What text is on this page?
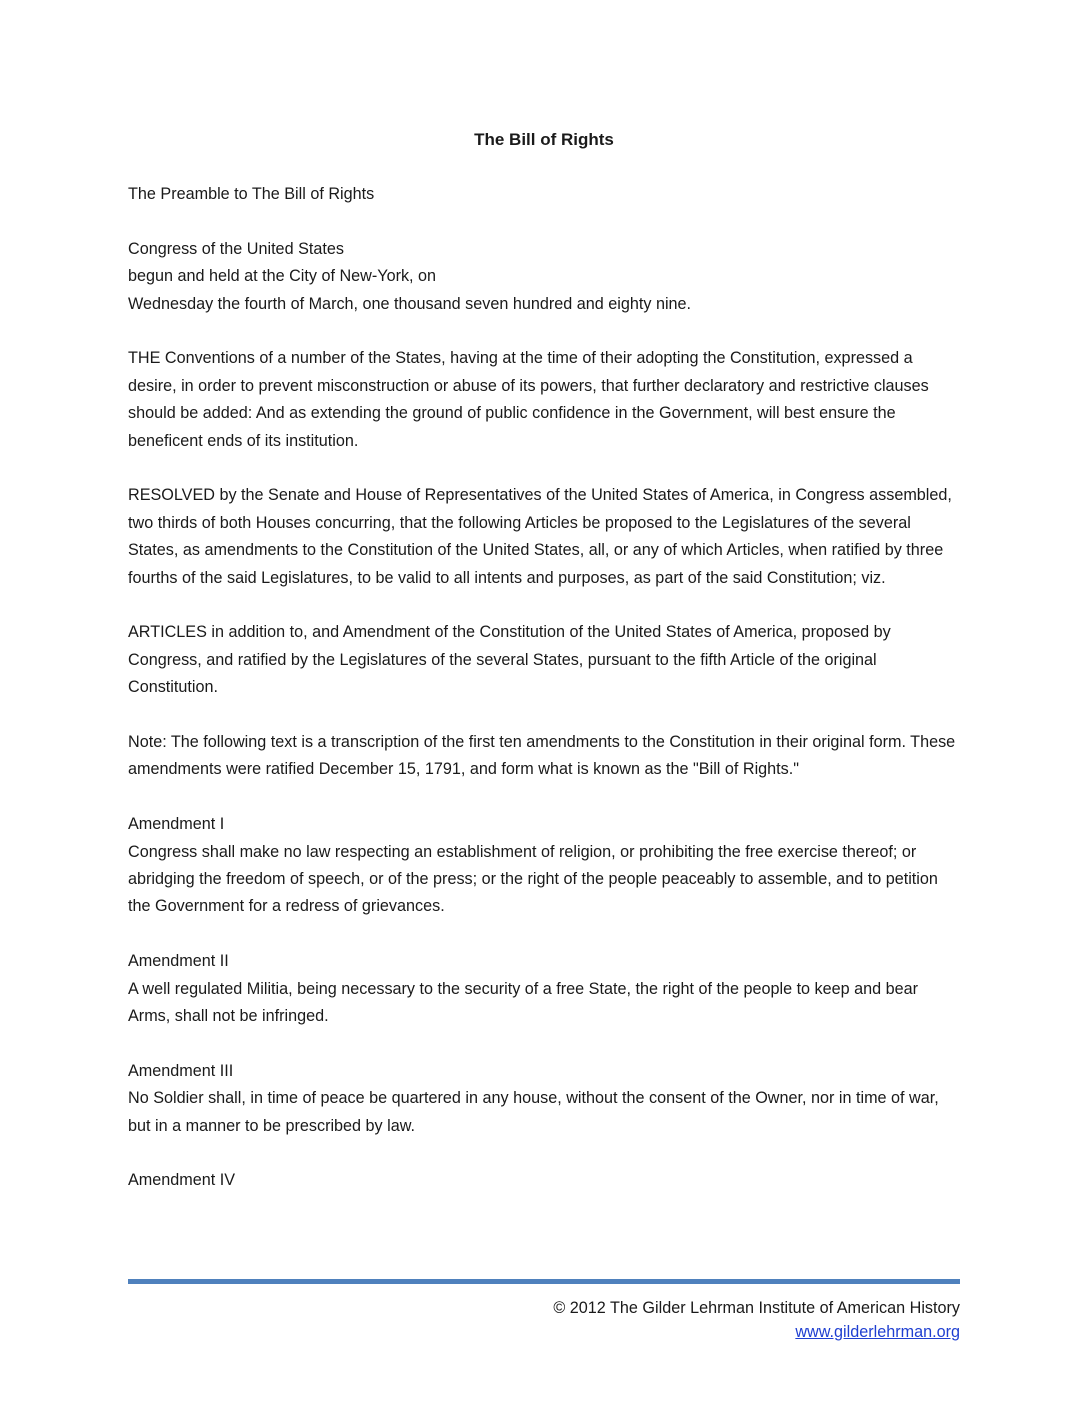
The Bill of Rights

The Preamble to The Bill of Rights

Congress of the United States
begun and held at the City of New-York, on
Wednesday the fourth of March, one thousand seven hundred and eighty nine.

THE Conventions of a number of the States, having at the time of their adopting the Constitution, expressed a desire, in order to prevent misconstruction or abuse of its powers, that further declaratory and restrictive clauses should be added: And as extending the ground of public confidence in the Government, will best ensure the beneficent ends of its institution.

RESOLVED by the Senate and House of Representatives of the United States of America, in Congress assembled, two thirds of both Houses concurring, that the following Articles be proposed to the Legislatures of the several States, as amendments to the Constitution of the United States, all, or any of which Articles, when ratified by three fourths of the said Legislatures, to be valid to all intents and purposes, as part of the said Constitution; viz.

ARTICLES in addition to, and Amendment of the Constitution of the United States of America, proposed by Congress, and ratified by the Legislatures of the several States, pursuant to the fifth Article of the original Constitution.

Note: The following text is a transcription of the first ten amendments to the Constitution in their original form. These amendments were ratified December 15, 1791, and form what is known as the "Bill of Rights."

Amendment I
Congress shall make no law respecting an establishment of religion, or prohibiting the free exercise thereof; or abridging the freedom of speech, or of the press; or the right of the people peaceably to assemble, and to petition the Government for a redress of grievances.

Amendment II
A well regulated Militia, being necessary to the security of a free State, the right of the people to keep and bear Arms, shall not be infringed.

Amendment III
No Soldier shall, in time of peace be quartered in any house, without the consent of the Owner, nor in time of war, but in a manner to be prescribed by law.

Amendment IV

© 2012 The Gilder Lehrman Institute of American History
www.gilderlehrman.org
